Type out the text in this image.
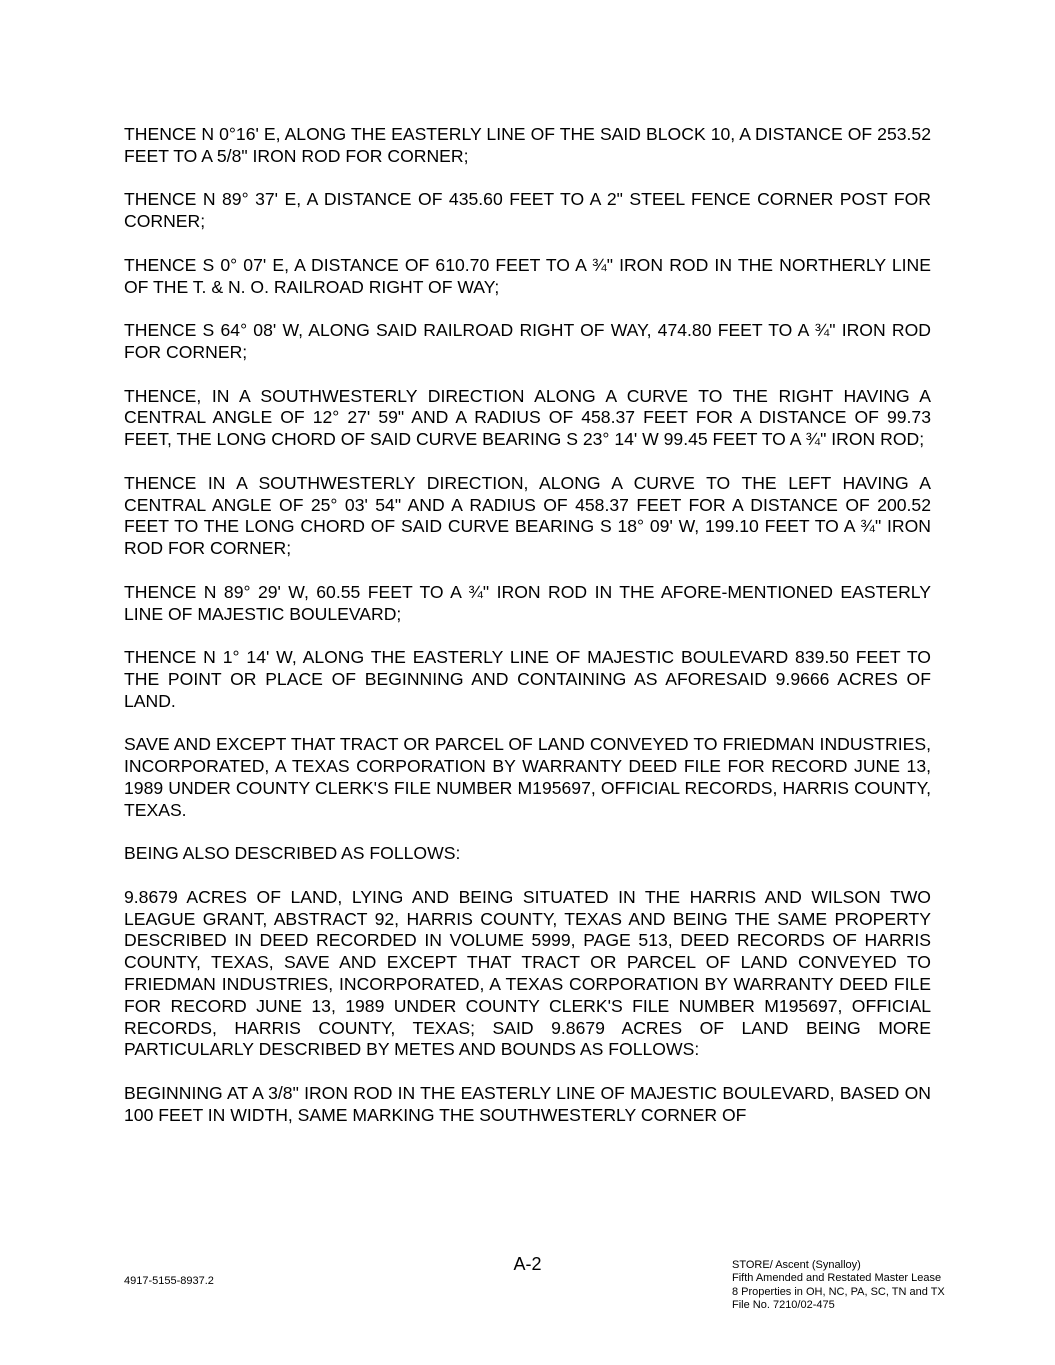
THENCE N 0°16' E, ALONG THE EASTERLY LINE OF THE SAID BLOCK 10, A DISTANCE OF 253.52 FEET TO A 5/8" IRON ROD FOR CORNER;

THENCE N 89° 37' E, A DISTANCE OF 435.60 FEET TO A 2" STEEL FENCE CORNER POST FOR CORNER;

THENCE S 0° 07' E, A DISTANCE OF 610.70 FEET TO A ¾" IRON ROD IN THE NORTHERLY LINE OF THE T. & N. O. RAILROAD RIGHT OF WAY;

THENCE S 64° 08' W, ALONG SAID RAILROAD RIGHT OF WAY, 474.80 FEET TO A ¾" IRON ROD FOR CORNER;

THENCE, IN A SOUTHWESTERLY DIRECTION ALONG A CURVE TO THE RIGHT HAVING A CENTRAL ANGLE OF 12° 27' 59" AND A RADIUS OF 458.37 FEET FOR A DISTANCE OF 99.73 FEET, THE LONG CHORD OF SAID CURVE BEARING S 23° 14' W 99.45 FEET TO A ¾" IRON ROD;

THENCE IN A SOUTHWESTERLY DIRECTION, ALONG A CURVE TO THE LEFT HAVING A CENTRAL ANGLE OF 25° 03' 54" AND A RADIUS OF 458.37 FEET FOR A DISTANCE OF 200.52 FEET TO THE LONG CHORD OF SAID CURVE BEARING S 18° 09' W, 199.10 FEET TO A ¾" IRON ROD FOR CORNER;

THENCE N 89° 29' W, 60.55 FEET TO A ¾" IRON ROD IN THE AFORE-MENTIONED EASTERLY LINE OF MAJESTIC BOULEVARD;

THENCE N 1° 14' W, ALONG THE EASTERLY LINE OF MAJESTIC BOULEVARD 839.50 FEET TO THE POINT OR PLACE OF BEGINNING AND CONTAINING AS AFORESAID 9.9666 ACRES OF LAND.

SAVE AND EXCEPT THAT TRACT OR PARCEL OF LAND CONVEYED TO FRIEDMAN INDUSTRIES, INCORPORATED, A TEXAS CORPORATION BY WARRANTY DEED FILE FOR RECORD JUNE 13, 1989 UNDER COUNTY CLERK'S FILE NUMBER M195697, OFFICIAL RECORDS, HARRIS COUNTY, TEXAS.

BEING ALSO DESCRIBED AS FOLLOWS:

9.8679 ACRES OF LAND, LYING AND BEING SITUATED IN THE HARRIS AND WILSON TWO LEAGUE GRANT, ABSTRACT 92, HARRIS COUNTY, TEXAS AND BEING THE SAME PROPERTY DESCRIBED IN DEED RECORDED IN VOLUME 5999, PAGE 513, DEED RECORDS OF HARRIS COUNTY, TEXAS, SAVE AND EXCEPT THAT TRACT OR PARCEL OF LAND CONVEYED TO FRIEDMAN INDUSTRIES, INCORPORATED, A TEXAS CORPORATION BY WARRANTY DEED FILE FOR RECORD JUNE 13, 1989 UNDER COUNTY CLERK'S FILE NUMBER M195697, OFFICIAL RECORDS, HARRIS COUNTY, TEXAS; SAID 9.8679 ACRES OF LAND BEING MORE PARTICULARLY DESCRIBED BY METES AND BOUNDS AS FOLLOWS:

BEGINNING AT A 3/8" IRON ROD IN THE EASTERLY LINE OF MAJESTIC BOULEVARD, BASED ON 100 FEET IN WIDTH, SAME MARKING THE SOUTHWESTERLY CORNER OF

A-2
4917-5155-8937.2
STORE/ Ascent (Synalloy)
Fifth Amended and Restated Master Lease
8 Properties in OH, NC, PA, SC, TN and TX
File No. 7210/02-475
